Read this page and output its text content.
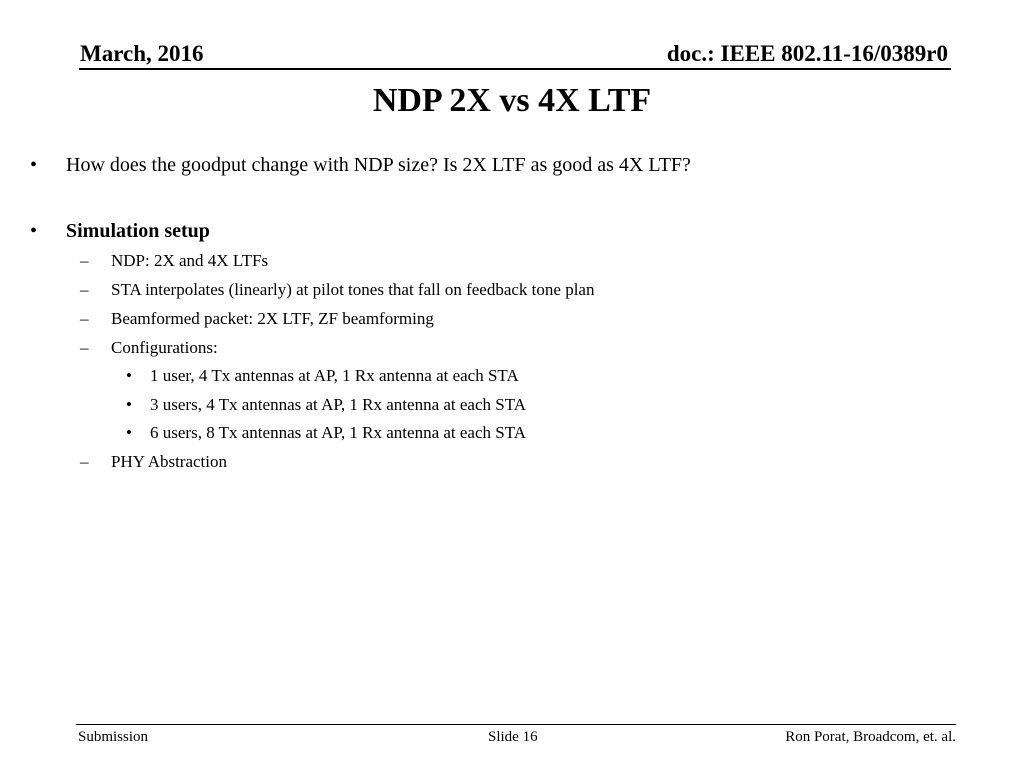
March, 2016	doc.: IEEE 802.11-16/0389r0
NDP 2X vs 4X LTF
• How does the goodput change with NDP size? Is 2X LTF as good as 4X LTF?
• Simulation setup
– NDP: 2X and 4X LTFs
– STA interpolates (linearly) at pilot tones that fall on feedback tone plan
– Beamformed packet: 2X LTF, ZF beamforming
– Configurations:
• 1 user, 4 Tx antennas at AP, 1 Rx antenna at each STA
• 3 users, 4 Tx antennas at AP, 1 Rx antenna at each STA
• 6 users, 8 Tx antennas at AP, 1 Rx antenna at each STA
– PHY Abstraction
Submission	Slide 16	Ron Porat, Broadcom, et. al.
